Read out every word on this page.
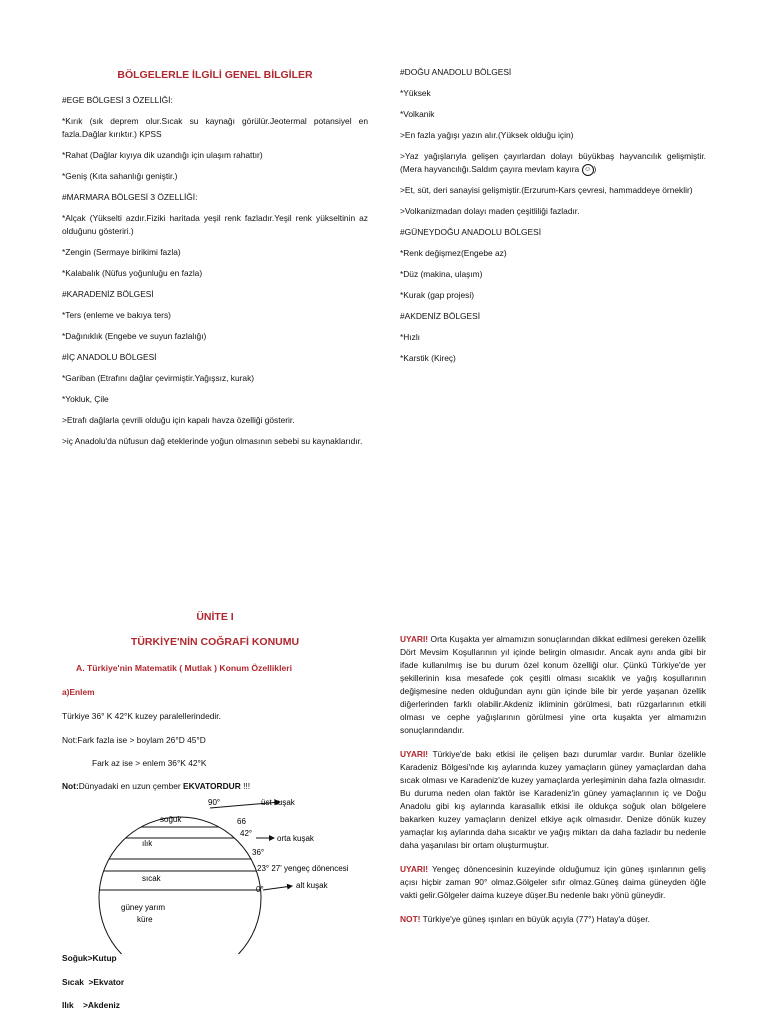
BÖLGELERLE İLGİLİ GENEL BİLGİLER

#EGE BÖLGESİ 3 ÖZELLİĞİ:

*Kırık (sık deprem olur.Sıcak su kaynağı görülür.Jeotermal potansiyel en fazla.Dağlar kırıktır.) KPSS

*Rahat (Dağlar kıyıya dik uzandığı için ulaşım rahattır)

*Geniş (Kıta sahanlığı geniştir.)

#MARMARA BÖLGESİ 3 ÖZELLİĞİ:

*Alçak (Yükselti azdır.Fiziki haritada yeşil renk fazladır.Yeşil renk yükseltinin az olduğunu gösteriri.)

*Zengin (Sermaye birikimi fazla)

*Kalabalık (Nüfus yoğunluğu en fazla)

#KARADENİZ BÖLGESİ

*Ters (enleme ve bakıya ters)

*Dağınıklık (Engebe ve suyun fazlalığı)

#İÇ ANADOLU BÖLGESİ

*Gariban (Etrafını dağlar çevirmiştir.Yağışsız, kurak)

*Yokluk, Çile

>Etrafı dağlarla çevrili olduğu için kapalı havza özelliği gösterir.

>iç Anadolu'da nüfusun dağ eteklerinde yoğun olmasının sebebi su kaynaklarıdır.

#DOĞU ANADOLU BÖLGESİ

*Yüksek

*Volkanik

>En fazla yağışı yazın alır.(Yüksek olduğu için)

>Yaz yağışlarıyla gelişen çayırlardan dolayı büyükbaş hayvancılık gelişmiştir.(Mera hayvancılığı.Saldım çayıra mevlam kayıra ☺ )

>Et, süt, deri sanayisi gelişmiştir.(Erzurum-Kars çevresi, hammaddeye örneklir)

>Volkanizmadan dolayı maden çeşitliliği fazladır.

#GÜNEYDOĞU ANADOLU BÖLGESİ

*Renk değişmez(Engebe az)

*Düz (makina, ulaşım)

*Kurak (gap projesi)

#AKDENİZ BÖLGESİ

*Hızlı

*Karstik (Kireç)

ÜNİTE I
TÜRKİYE'NİN COĞRAFİ KONUMU
A. Türkiye'nin Matematik ( Mutlak ) Konum Özellikleri
a)Enlem
Türkiye 36° K 42°K kuzey paralellerindedir.
Not:Fark fazla ise > boylam 26°D 45°D
Fark az ise > enlem 36°K 42°K
Not:Dünyadaki en uzun çember EKVATORDUR !!!
90°	üst kuşak
soğuk	66
42°
orta kuşak
ılık
36°
23° 27' yengeç dönencesi
sıcak
0°	alt kuşak
güney yarım
küre
Soğuk>Kutup
Sıcak  >Ekvator
Ilık    >Akdeniz

UYARI! Orta Kuşakta yer almamızın sonuçlarından dikkat edilmesi gereken özellik Dört Mevsim Koşullarının yıl içinde belirgin olmasıdır. Ancak aynı anda gibi bir ifade kullanılmış ise bu durum özel konum özelliği olur. Çünkü Türkiye'de yer şekillerinin kısa mesafede çok çeşitli olması sıcaklık ve yağış koşullarının değişmesine neden olduğundan aynı gün içinde bile bir yerde yaşanan özellik diğerlerinden farklı olabilir.Akdeniz ikliminin görülmesi, batı rüzgarlarının etkili olması ve cephe yağışlarının görülmesi yine orta kuşakta yer almamızın sonuçlarındandır.

UYARI! Türkiye'de bakı etkisi ile çelişen bazı durumlar vardır. Bunlar özelikle Karadeniz Bölgesi'nde kış aylarında kuzey yamaçların güney yamaçlardan daha sıcak olması ve Karadeniz'de kuzey yamaçlarda yerleşiminin daha fazla olmasıdır. Bu duruma neden olan faktör ise Karadeniz'in güney yamaçlarının iç ve Doğu Anadolu gibi kış aylarında karasallık etkisi ile oldukça soğuk olan bölgelere bakarken kuzey yamaçların denizel etkiye açık olmasıdır. Denize dönük kuzey yamaçlar kış aylarında daha sıcaktır ve yağış miktarı da daha fazladır bu nedenle daha yaşanılası bir ortam oluşturmuştur.

UYARI! Yengeç dönencesinin kuzeyinde olduğumuz için güneş ışınlarının geliş açısı hiçbir zaman 90° olmaz.Gölgeler sıfır olmaz.Güneş daima güneyden öğle vakti gelir.Gölgeler daima kuzeye düşer.Bu nedenle bakı yönü güneydir.

NOT! Türkiye'ye güneş ışınları en büyük açıyla (77°) Hatay'a düşer.
